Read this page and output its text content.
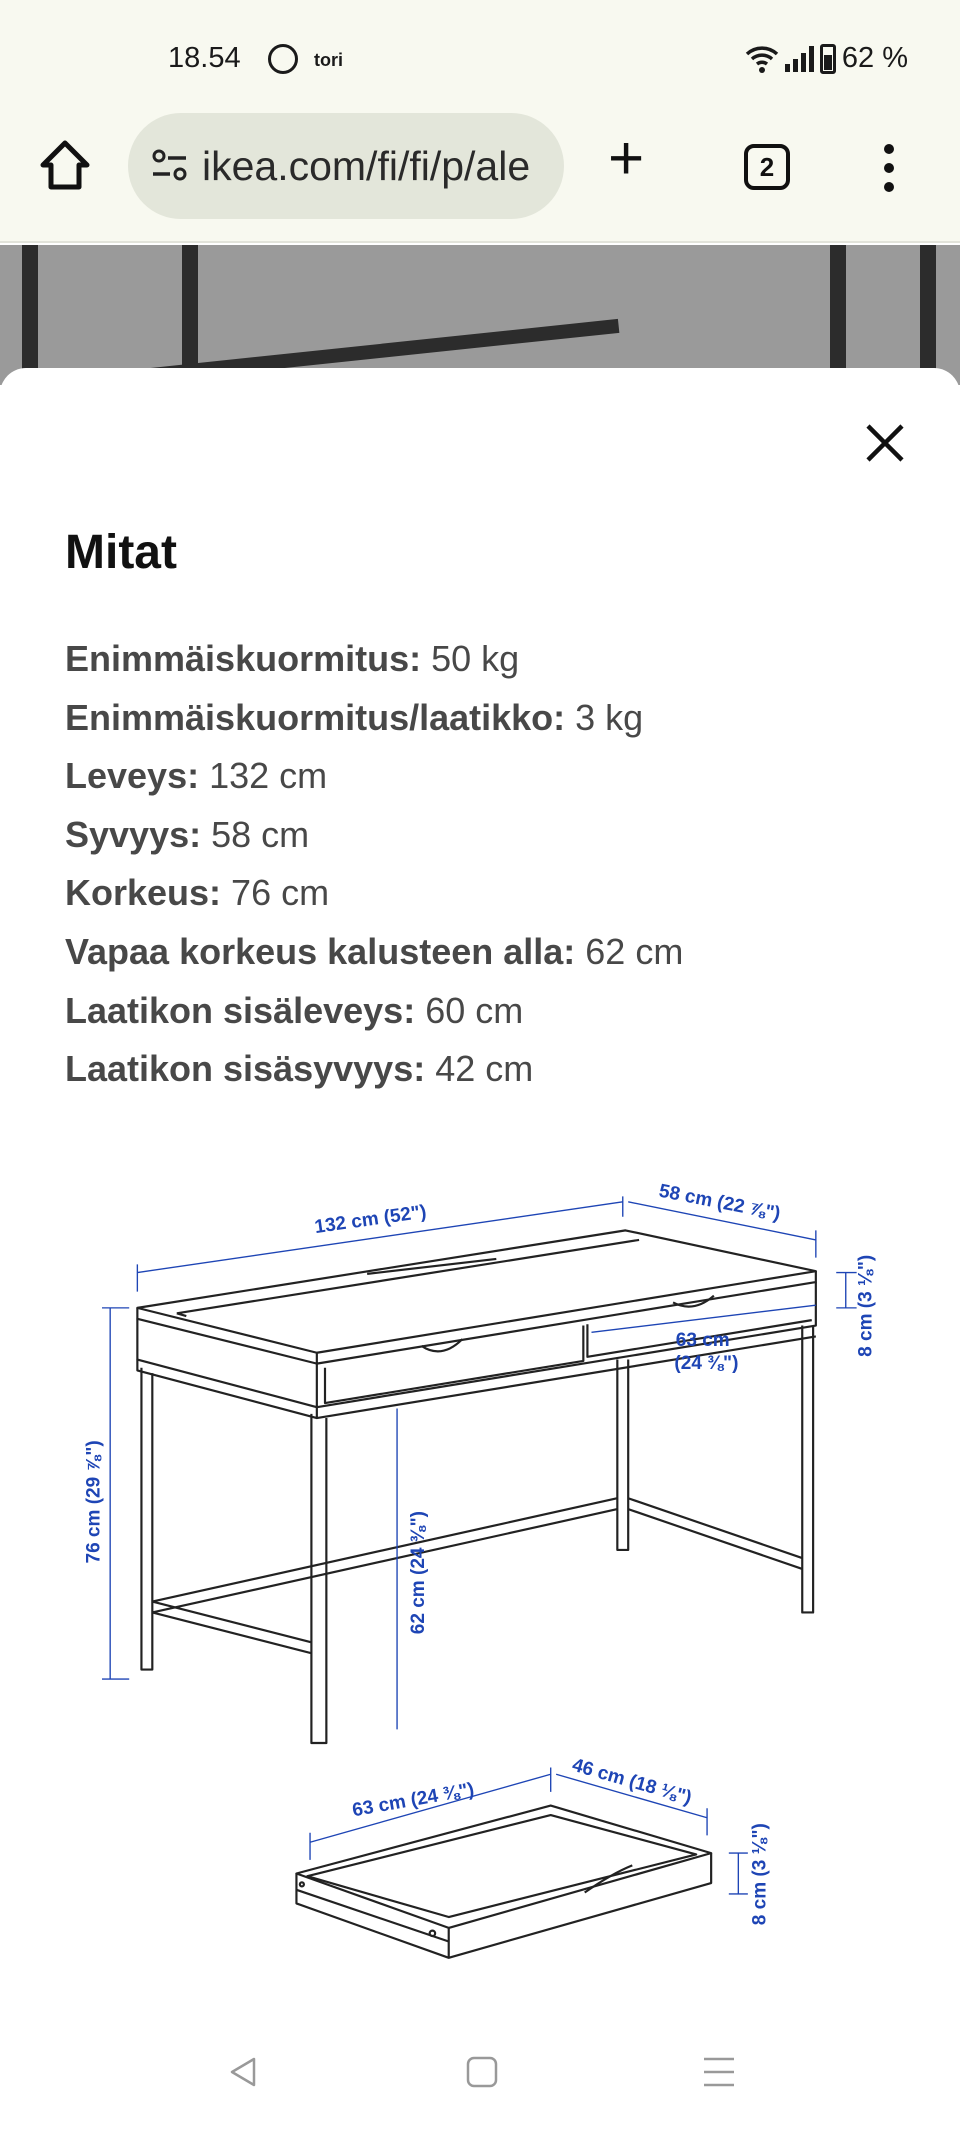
18.54	tori	62 %
ikea.com/fi/fi/p/ale +	2
Mitat
Enimmäiskuormitus: 50 kg
Enimmäiskuormitus/laatikko: 3 kg
Leveys: 132 cm
Syvyys: 58 cm
Korkeus: 76 cm
Vapaa korkeus kalusteen alla: 62 cm
Laatikon sisäleveys: 60 cm
Laatikon sisäsyvyys: 42 cm
132 cm (52")	58 cm (22 ⅞")
8 cm (3 ⅛")
63 cm
(24 ⅜")
76 cm (29 ⅞")
62 cm (24 ⅜")
63 cm (24 ⅜")	46 cm (18 ⅛")
8 cm (3 ⅛")
